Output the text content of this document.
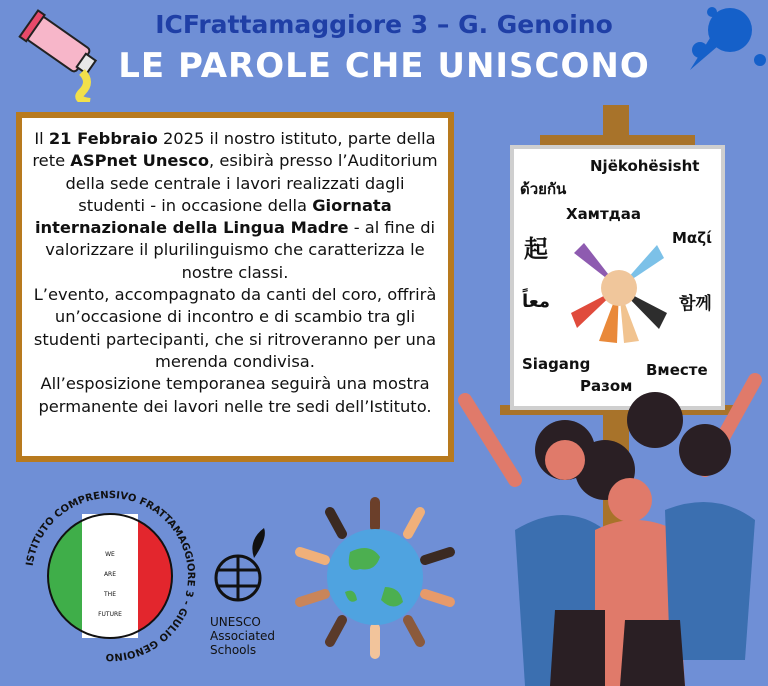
ICFrattamaggiore 3 – G. Genoino
LE PAROLE CHE UNISCONO
Il 21 Febbraio 2025 il nostro istituto, parte della rete ASPnet Unesco, esibirà presso l’Auditorium della sede centrale i lavori realizzati dagli studenti - in occasione della Giornata internazionale della Lingua Madre - al fine di valorizzare il plurilinguismo che caratterizza le nostre classi.
L’evento, accompagnato da canti del coro, offrirà un’occasione di incontro e di scambio tra gli studenti partecipanti, che si ritroveranno per una merenda condivisa.
All’esposizione temporanea seguirà una mostra permanente dei lavori nelle tre sedi dell’Istituto.
Njëkohësisht
ด้วยกัน
Хамтдаа
起	Μαζί
معاً	함께
Siagang	Вместе
Разом
ISTITUTO COMPRENSIVO FRATTAMAGGIORE 3 - GIULIO GENOINO
WE
ARE
THE
FUTURE
UNESCO
Associated
Schools
